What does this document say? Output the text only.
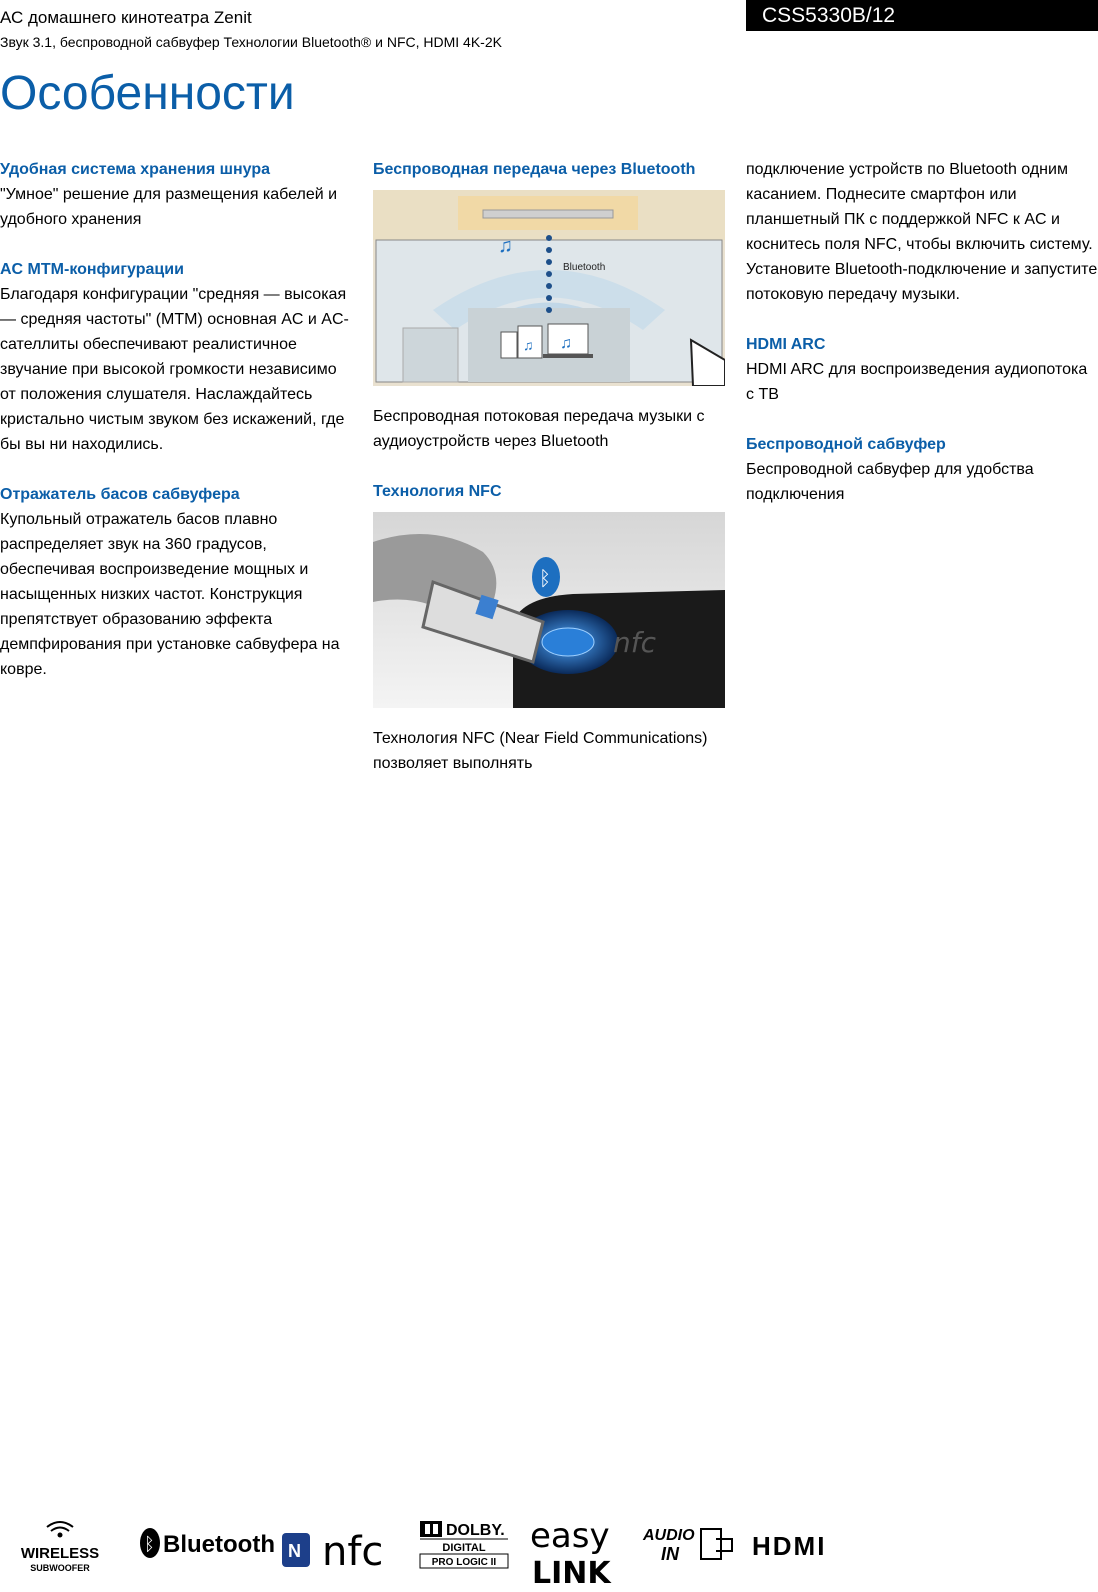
АС домашнего кинотеатра Zenit
Звук 3.1, беспроводной сабвуфер Технологии Bluetooth® и NFC, HDMI 4K-2K
CSS5330B/12
Особенности

Удобная система хранения шнура

"Умное" решение для размещения кабелей и удобного хранения

AC MTM-конфигурации

Благодаря конфигурации "средняя — высокая — средняя частоты" (MTM) основная AC и AC-сателлиты обеспечивают реалистичное звучание при высокой громкости независимо от положения слушателя. Наслаждайтесь кристально чистым звуком без искажений, где бы вы ни находились.

Отражатель басов сабвуфера

Купольный отражатель басов плавно распределяет звук на 360 градусов, обеспечивая воспроизведение мощных и насыщенных низких частот. Конструкция препятствует образованию эффекта демпфирования при установке сабвуфера на ковре.

Беспроводная передача через Bluetooth

Bluetooth
♫
♫ ♫

Беспроводная потоковая передача музыки с аудиоустройств через Bluetooth

Технология NFC

nfc
ᛒ

Технология NFC (Near Field Communications) позволяет выполнять

подключение устройств по Bluetooth одним касанием. Поднесите смартфон или планшетный ПК с поддержкой NFC к AC и коснитесь поля NFC, чтобы включить систему. Установите Bluetooth-подключение и запустите потоковую передачу музыки.

HDMI ARC

HDMI ARC для воспроизведения аудиопотока с ТВ

Беспроводной сабвуфер

Беспроводной сабвуфер для удобства подключения

WIRELESS
SUBWOOFER
ᛒ Bluetooth N nfc	DOLBY.
DIGITAL
PRO LOGIC II
easy
LINK
AUDIO
IN	HDMI
